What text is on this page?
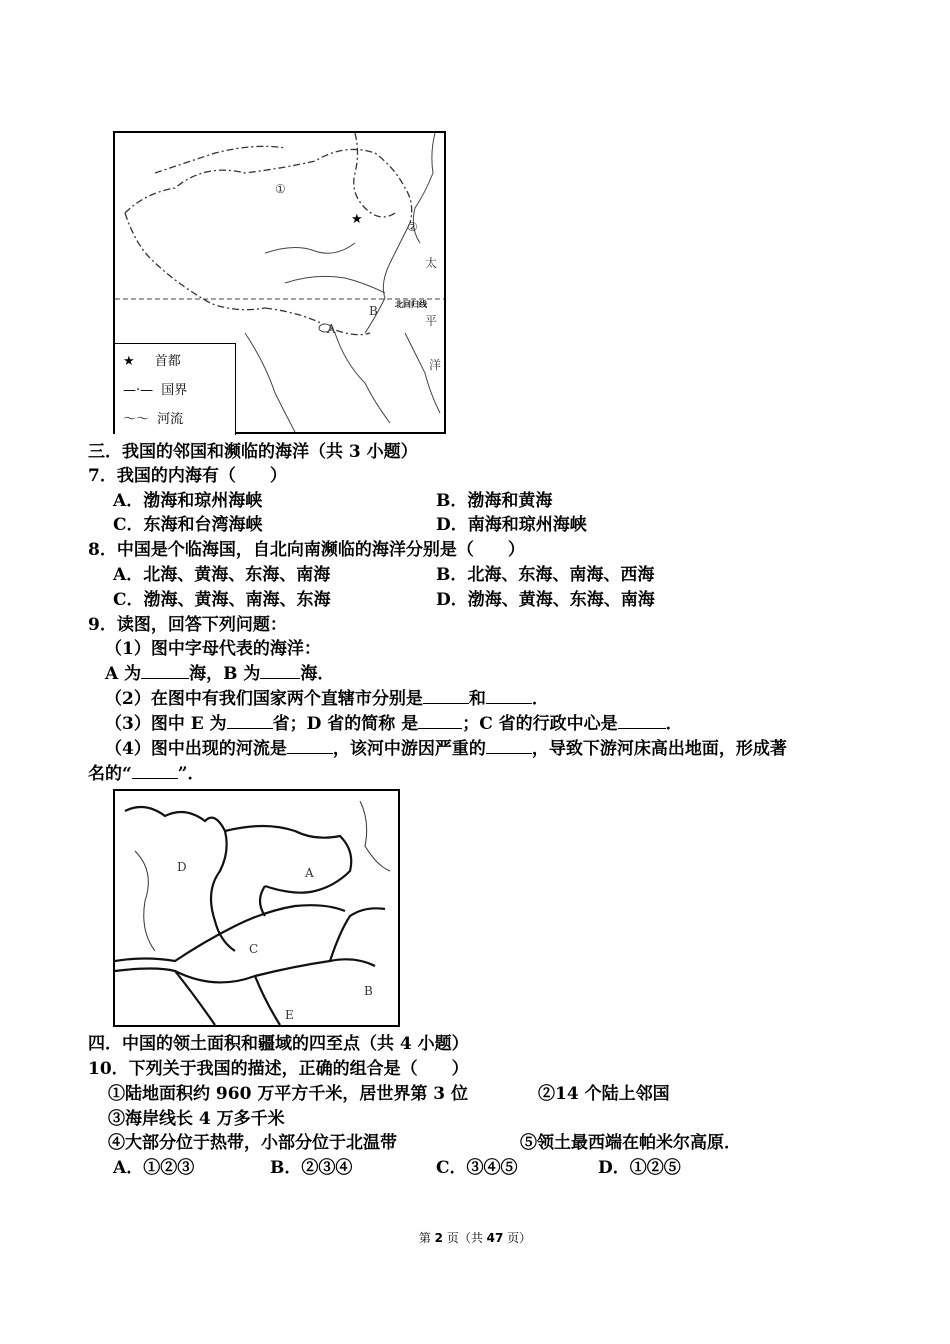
★
①
②
太
平
洋
A
B 北回归线
★ 首都
—·— 国界
〜〜 河流
三．我国的邻国和濒临的海洋（共 3 小题）
7．我国的内海有（　　）
A．渤海和琼州海峡	B．渤海和黄海
C．东海和台湾海峡	D．南海和琼州海峡
8．中国是个临海国，自北向南濒临的海洋分别是（　　）
A．北海、黄海、东海、南海	B．北海、东海、南海、西海
C．渤海、黄海、南海、东海	D．渤海、黄海、东海、南海
9．读图，回答下列问题：
（1）图中字母代表的海洋：
A 为	海，B 为 海．
（2）在图中有我们国家两个直辖市分别是	和	．
（3）图中 E 为	省；D 省的简称 是	；C 省的行政中心是	．
（4）图中出现的河流是	，该河中游因严重的	，导致下游河床高出地面，形成著
名的“	”．
D	A
C
B
E
四．中国的领土面积和疆域的四至点（共 4 小题）
10．下列关于我国的描述，正确的组合是（　　）
①陆地面积约 960 万平方千米，居世界第 3 位	②14 个陆上邻国
③海岸线长 4 万多千米
④大部分位于热带，小部分位于北温带	⑤领土最西端在帕米尔高原．
A．①②③	B．②③④	C．③④⑤	D．①②⑤
第 2 页（共 47 页）
